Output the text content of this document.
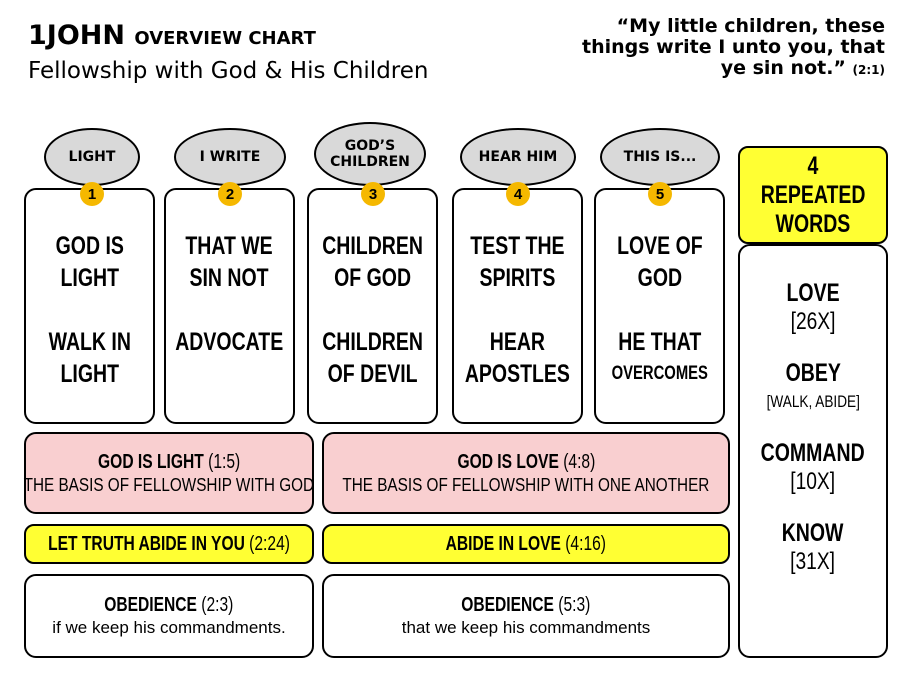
1JOHN OVERVIEW CHART
Fellowship with God & His Children
“My little children, these
things write I unto you, that
ye sin not.” (2:1)
LIGHT
1
GOD IS
LIGHT
WALK IN
LIGHT
I WRITE
2
THAT WE
SIN NOT
ADVOCATE
GOD’S
CHILDREN
3
CHILDREN
OF GOD
CHILDREN
OF DEVIL
HEAR HIM
4
TEST THE
SPIRITS
HEAR
APOSTLES
THIS IS...
5
LOVE OF
GOD
HE THAT
OVERCOMES
4
REPEATED
WORDS
LOVE
[26X]
OBEY
[WALK, ABIDE]
COMMAND
[10X]
KNOW
[31X]
GOD IS LIGHT (1:5)
THE BASIS OF FELLOWSHIP WITH GOD
GOD IS LOVE (4:8)
THE BASIS OF FELLOWSHIP WITH ONE ANOTHER
LET TRUTH ABIDE IN YOU (2:24)	ABIDE IN LOVE (4:16)
OBEDIENCE (2:3)
if we keep his commandments.
OBEDIENCE (5:3)
that we keep his commandments
